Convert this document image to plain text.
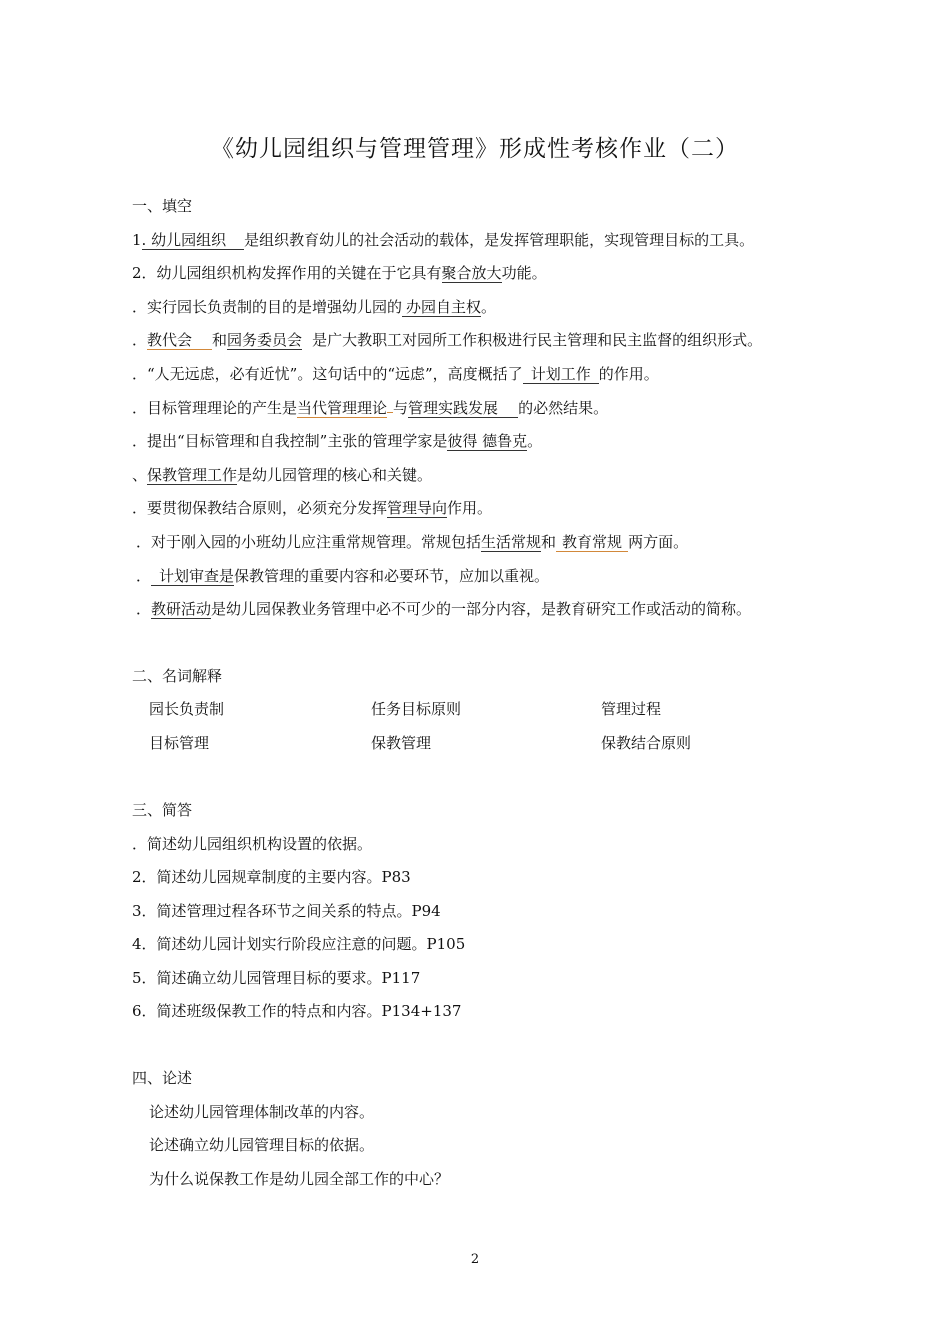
《幼儿园组织与管理管理》形成性考核作业（二）
一、填空
1. 幼儿园组织 是组织教育幼儿的社会活动的载体，是发挥管理职能，实现管理目标的工具。
2．幼儿园组织机构发挥作用的关键在于它具有聚合放大功能。
．实行园长负责制的目的是增强幼儿园的 办园自主权。
．教代会 和园务委员会 是广大教职工对园所工作积极进行民主管理和民主监督的组织形式。
．“人无远虑，必有近忧”。这句话中的“远虑”，高度概括了 计划工作 的作用。
．目标管理理论的产生是当代管理理论 与管理实践发展 的必然结果。
．提出“目标管理和自我控制”主张的管理学家是彼得 德鲁克。
、保教管理工作是幼儿园管理的核心和关键。
．要贯彻保教结合原则，必须充分发挥管理导向作用。
．对于刚入园的小班幼儿应注重常规管理。常规包括生活常规和 教育常规 两方面。
． 计划审查是保教管理的重要内容和必要环节，应加以重视。
．教研活动是幼儿园保教业务管理中必不可少的一部分内容，是教育研究工作或活动的简称。
二、名词解释
园长负责制	任务目标原则	管理过程
目标管理	保教管理	保教结合原则
三、简答
．简述幼儿园组织机构设置的依据。
2．简述幼儿园规章制度的主要内容。P83
3．简述管理过程各环节之间关系的特点。P94
4．简述幼儿园计划实行阶段应注意的问题。P105
5．简述确立幼儿园管理目标的要求。P117
6．简述班级保教工作的特点和内容。P134+137
四、论述
论述幼儿园管理体制改革的内容。
论述确立幼儿园管理目标的依据。
为什么说保教工作是幼儿园全部工作的中心？
2
